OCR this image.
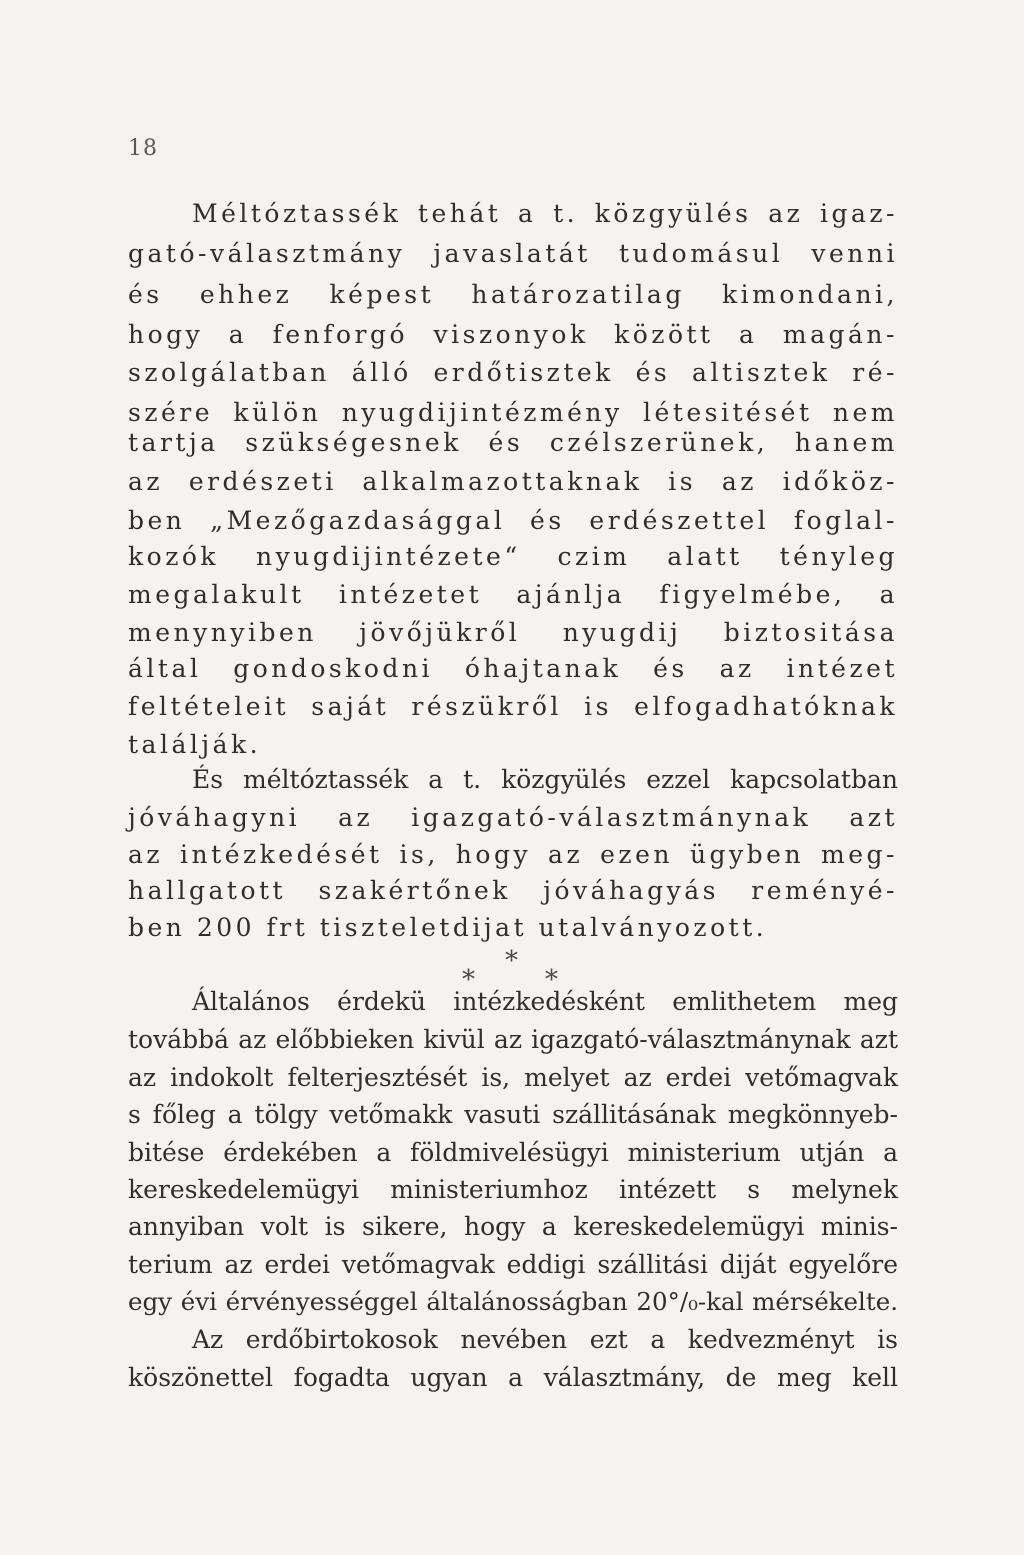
18
Méltóztassék tehát a t. közgyülés az igaz-
gató-választmány javaslatát tudomásul venni
és ehhez képest határozatilag kimondani,
hogy a fenforgó viszonyok között a magán-
szolgálatban álló erdőtisztek és altisztek ré-
szére külön nyugdijintézmény létesitését nem
tartja szükségesnek és czélszerünek, hanem
az erdészeti alkalmazottaknak is az időköz-
ben „Mezőgazdasággal és erdészettel foglal-
kozók nyugdijintézete“ czim alatt tényleg
megalakult intézetet ajánlja figyelmébe, a
menynyiben jövőjükről nyugdij biztositása
által gondoskodni óhajtanak és az intézet
feltételeit saját részükről is elfogadhatóknak
találják.
És méltóztassék a t. közgyülés ezzel kapcsolatban
jóváhagyni az igazgató-választmánynak azt
az intézkedését is, hogy az ezen ügyben meg-
hallgatott szakértőnek jóváhagyás reményé-
ben 200 frt tiszteletdijat utalványozott.
*
*	*
Általános érdekü intézkedésként emlithetem meg
továbbá az előbbieken kivül az igazgató-választmánynak azt
az indokolt felterjesztését is, melyet az erdei vetőmagvak
s főleg a tölgy vetőmakk vasuti szállitásának megkönnyeb-
bitése érdekében a földmivelésügyi ministerium utján a
kereskedelemügyi ministeriumhoz intézett s melynek
annyiban volt is sikere, hogy a kereskedelemügyi minis-
terium az erdei vetőmagvak eddigi szállitási diját egyelőre
egy évi érvényességgel általánosságban 20°/₀-kal mérsékelte.
Az erdőbirtokosok nevében ezt a kedvezményt is
köszönettel fogadta ugyan a választmány, de meg kell
